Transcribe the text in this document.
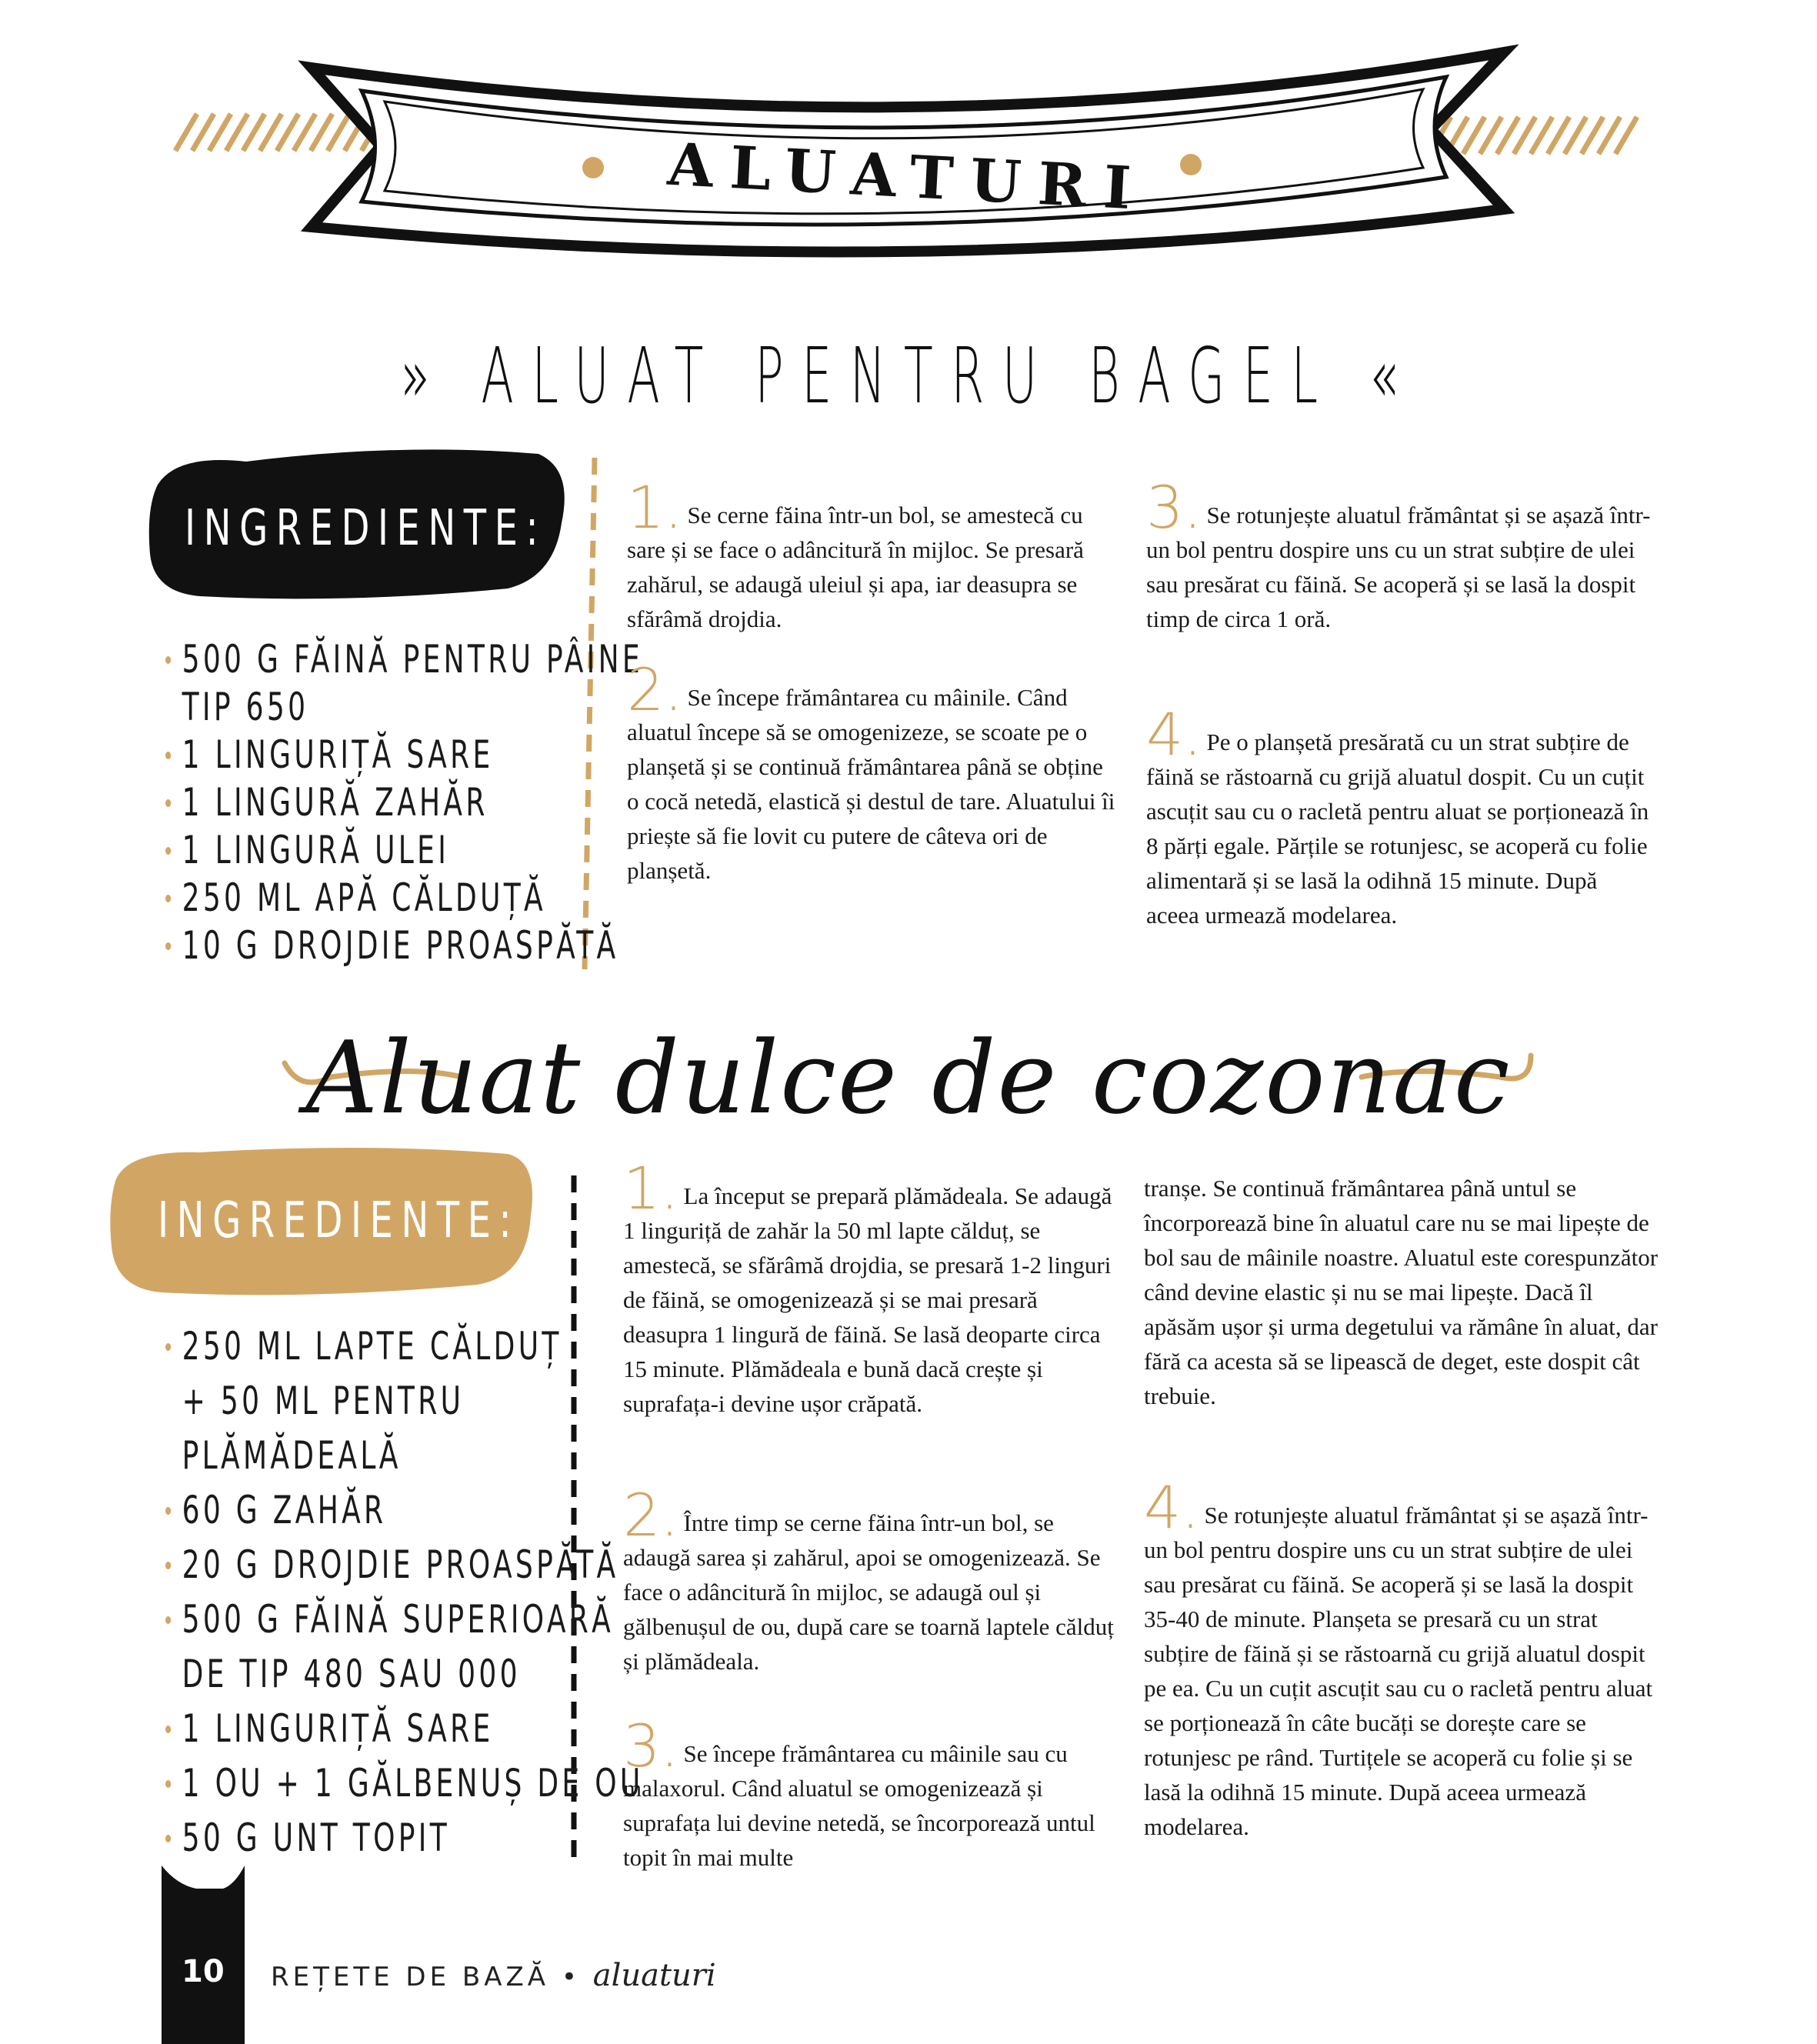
ALUATURI
» ALUAT PENTRU BAGEL «
INGREDIENTE:
500 G FĂINĂ PENTRU PÂINE
TIP 650
1 LINGURIȚĂ SARE
1 LINGURĂ ZAHĂR
1 LINGURĂ ULEI
250 ML APĂ CĂLDUȚĂ
10 G DROJDIE PROASPĂTĂ

1. Se cerne făina într-un bol, se amestecă cu sare și se face o adâncitură în mijloc. Se presară zahărul, se adaugă uleiul și apa, iar deasupra se sfărâmă drojdia.

2. Se începe frământarea cu mâinile. Când aluatul începe să se omogenizeze, se scoate pe o planșetă și se continuă frământarea până se obține o cocă netedă, elastică și destul de tare. Aluatului îi priește să fie lovit cu putere de câteva ori de planșetă.

3. Se rotunjește aluatul frământat și se așază într-un bol pentru dospire uns cu un strat subțire de ulei sau presărat cu făină. Se acoperă și se lasă la dospit timp de circa 1 oră.

4. Pe o planșetă presărată cu un strat subțire de făină se răstoarnă cu grijă aluatul dospit. Cu un cuțit ascuțit sau cu o racletă pentru aluat se porționează în 8 părți egale. Părțile se rotunjesc, se acoperă cu folie alimentară și se lasă la odihnă 15 minute. După aceea urmează modelarea.

Aluat dulce de cozonac
INGREDIENTE:
250 ML LAPTE CĂLDUȚ
+ 50 ML PENTRU
PLĂMĂDEALĂ
60 G ZAHĂR
20 G DROJDIE PROASPĂTĂ
500 G FĂINĂ SUPERIOARĂ
DE TIP 480 SAU 000
1 LINGURIȚĂ SARE
1 OU + 1 GĂLBENUȘ DE OU
50 G UNT TOPIT

1. La început se prepară plămădeala. Se adaugă 1 linguriță de zahăr la 50 ml lapte călduț, se amestecă, se sfărâmă drojdia, se presară 1-2 linguri de făină, se omogenizează și se mai presară deasupra 1 lingură de făină. Se lasă deoparte circa 15 minute. Plămădeala e bună dacă crește și suprafața-i devine ușor crăpată.

2. Între timp se cerne făina într-un bol, se adaugă sarea și zahărul, apoi se omogenizează. Se face o adâncitură în mijloc, se adaugă oul și gălbenușul de ou, după care se toarnă laptele călduț și plămădeala.

3. Se începe frământarea cu mâinile sau cu malaxorul. Când aluatul se omogenizează și suprafața lui devine netedă, se încorporează untul topit în mai multe

tranșe. Se continuă frământarea până untul se încorporează bine în aluatul care nu se mai lipește de bol sau de mâinile noastre. Aluatul este corespunzător când devine elastic și nu se mai lipește. Dacă îl apăsăm ușor și urma degetului va rămâne în aluat, dar fără ca acesta să se lipească de deget, este dospit cât trebuie.

4. Se rotunjește aluatul frământat și se așază într-un bol pentru dospire uns cu un strat subțire de ulei sau presărat cu făină. Se acoperă și se lasă la dospit 35-40 de minute. Planșeta se presară cu un strat subțire de făină și se răstoarnă cu grijă aluatul dospit pe ea. Cu un cuțit ascuțit sau cu o racletă pentru aluat se porționează în câte bucăți se dorește care se rotunjesc pe rând. Turtițele se acoperă cu folie și se lasă la odihnă 15 minute. După aceea urmează modelarea.

10 REȚETE DE BAZĂ • aluaturi
